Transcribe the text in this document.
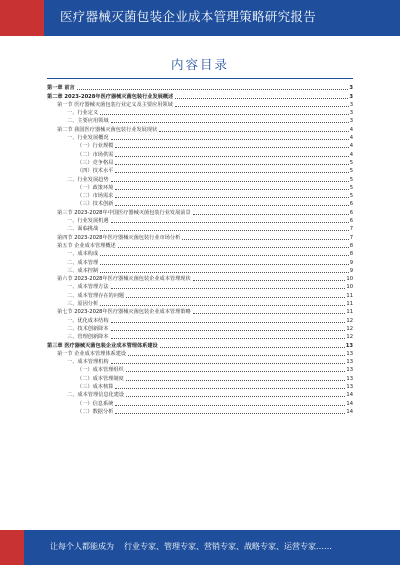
医疗器械灭菌包装企业成本管理策略研究报告
内容目录
第一章 前言	3
第二章 2023-2028年医疗器械灭菌包装行业发展概述	3
第一节 医疗器械灭菌包装行业定义及主要应用领域	3
一、行业定义	3
二、主要应用领域	3
第二节 我国医疗器械灭菌包装行业发展现状	4
一、行业发展概况	4
（一）行业规模	4
（二）市场供需	4
（三）竞争格局	5
（四）技术水平	5
二、行业发展趋势	5
（一）政策环境	5
（二）市场需求	5
（三）技术创新	6
第三节 2023-2028年中国医疗器械灭菌包装行业发展前景	6
一、行业发展机遇	6
二、面临挑战	7
第四节 2023-2028年医疗器械灭菌包装行业市场分析	7
第五节 企业成本管理概述	8
一、成本构成	8
二、成本管理	9
三、成本控制	9
第六节 2023-2028年医疗器械灭菌包装企业成本管理现状	10
一、成本管理方法	10
二、成本管理存在的问题	11
三、原因分析	11
第七节 2023-2028年医疗器械灭菌包装企业成本管理策略	11
一、优化成本结构	12
二、技术创新降本	12
三、管理创新降本	12
第三章 医疗器械灭菌包装企业成本管理体系建设	13
第一节 企业成本管理体系建设	13
一、成本管理机构	13
（一）成本管理组织	13
（二）成本管理制度	13
（三）成本核算	13
二、成本管理信息化建设	14
（一）信息系统	14
（二）数据分析	14
让每个人都能成为 行业专家、管理专家、营销专家、战略专家、运营专家……
